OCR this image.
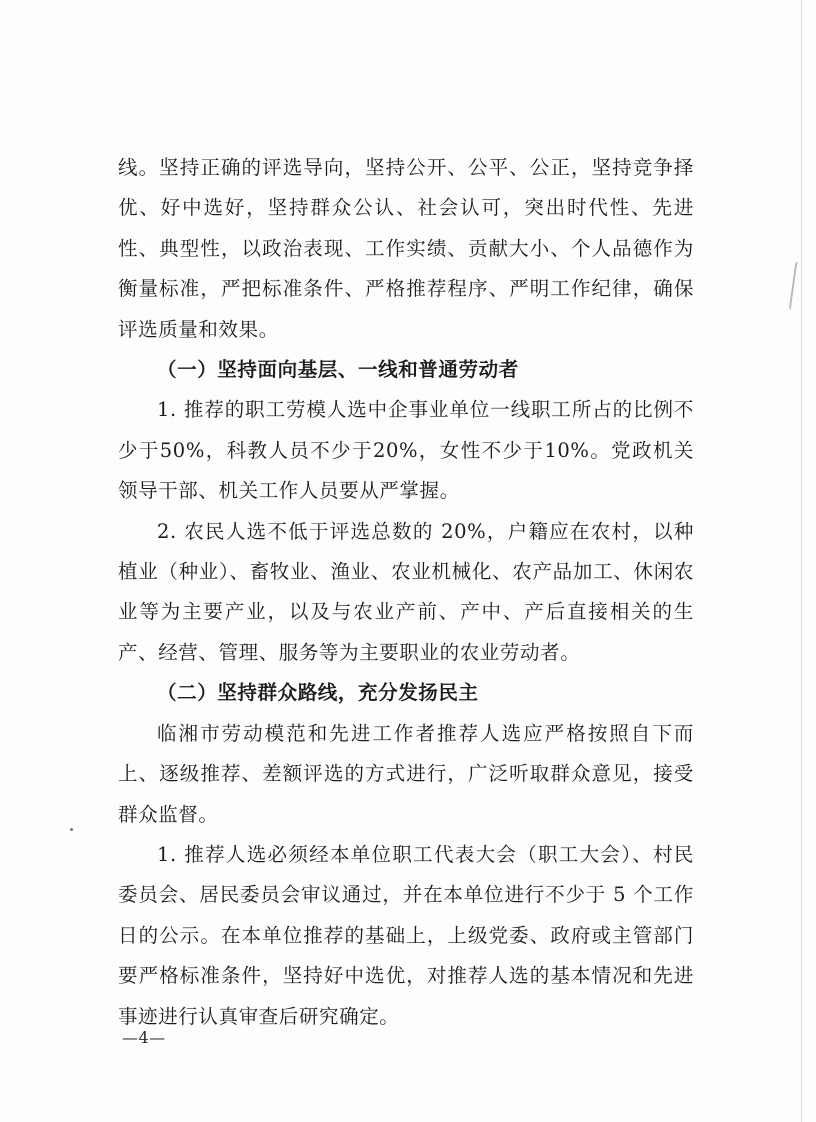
线。坚持正确的评选导向，坚持公开、公平、公正，坚持竞争择优、好中选好，坚持群众公认、社会认可，突出时代性、先进性、典型性，以政治表现、工作实绩、贡献大小、个人品德作为衡量标准，严把标准条件、严格推荐程序、严明工作纪律，确保评选质量和效果。

（一）坚持面向基层、一线和普通劳动者

1. 推荐的职工劳模人选中企事业单位一线职工所占的比例不少于50%，科教人员不少于20%，女性不少于10%。党政机关领导干部、机关工作人员要从严掌握。

2. 农民人选不低于评选总数的 20%，户籍应在农村，以种植业（种业）、畜牧业、渔业、农业机械化、农产品加工、休闲农业等为主要产业，以及与农业产前、产中、产后直接相关的生产、经营、管理、服务等为主要职业的农业劳动者。

（二）坚持群众路线，充分发扬民主

临湘市劳动模范和先进工作者推荐人选应严格按照自下而上、逐级推荐、差额评选的方式进行，广泛听取群众意见，接受群众监督。

1. 推荐人选必须经本单位职工代表大会（职工大会）、村民委员会、居民委员会审议通过，并在本单位进行不少于 5 个工作日的公示。在本单位推荐的基础上，上级党委、政府或主管部门要严格标准条件，坚持好中选优，对推荐人选的基本情况和先进事迹进行认真审查后研究确定。

—4—
